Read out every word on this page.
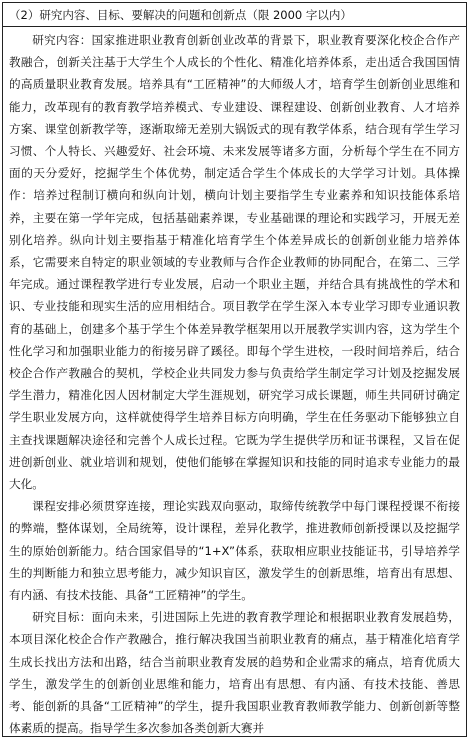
（2）研究内容、目标、要解决的问题和创新点（限 2000 字以内）

研究内容：国家推进职业教育创新创业改革的背景下，职业教育要深化校企合作产教融合，创新关注基于大学生个人成长的个性化、精准化培养体系，走出适合我国国情的高质量职业教育发展。培养具有“工匠精神”的大师级人才，培育学生创新创业思维和能力，改革现有的教育教学培养模式、专业建设、课程建设、创新创业教育、人才培养方案、课堂创新教学等，逐渐取缔无差别大锅饭式的现有教学体系，结合现有学生学习习惯、个人特长、兴趣爱好、社会环境、未来发展等诸多方面，分析每个学生在不同方面的天分爱好，挖掘学生个体优势，制定适合学生个体成长的大学学习计划。具体操作：培养过程制订横向和纵向计划，横向计划主要指学生专业素养和知识技能体系培养，主要在第一学年完成，包括基础素养课，专业基础课的理论和实践学习，开展无差别化培养。纵向计划主要指基于精准化培育学生个体差异成长的创新创业能力培养体系，它需要来自特定的职业领域的专业教师与合作企业教师的协同配合，在第二、三学年完成。通过课程教学进行专业发展，启动一个职业主题，并结合具有挑战性的学术和识、专业技能和现实生活的应用相结合。项目教学在学生深入本专业学习即专业通识教育的基础上，创建多个基于学生个体差异教学框架用以开展教学实训内容，这为学生个性化学习和加强职业能力的衔接另辟了蹊径。即每个学生进校，一段时间培养后，结合校企合作产教融合的契机，学校企业共同发力参与负责给学生制定学习计划及挖掘发展学生潜力，精准化因人因材制定大学生涯规划，研究学习成长课题，师生共同研讨确定学生职业发展方向，这样就使得学生培养目标方向明确，学生在任务驱动下能够独立自主查找课题解决途径和完善个人成长过程。它既为学生提供学历和证书课程，又旨在促进创新创业、就业培训和规划，使他们能够在掌握知识和技能的同时追求专业能力的最大化。

课程安排必须贯穿连接，理论实践双向驱动，取缔传统教学中每门课程授课不衔接的弊端，整体谋划，全局统筹，设计课程，差异化教学，推进教师创新授课以及挖掘学生的原始创新能力。结合国家倡导的“1+X”体系，获取相应职业技能证书，引导培养学生的判断能力和独立思考能力，减少知识盲区，激发学生的创新思维，培育出有思想、有内涵、有技术技能、具备“工匠精神”的学生。

研究目标：面向未来，引进国际上先进的教育教学理论和根据职业教育发展趋势，本项目深化校企合作产教融合，推行解决我国当前职业教育的痛点，基于精准化培育学生成长找出方法和出路，结合当前职业教育发展的趋势和企业需求的痛点，培育优质大学生，激发学生的创新创业思维和能力，培育出有思想、有内涵、有技术技能、善思考、能创新的具备“工匠精神”的学生，提升我国职业教育教师教学能力、创新创新等整体素质的提高。指导学生多次参加各类创新大赛并
